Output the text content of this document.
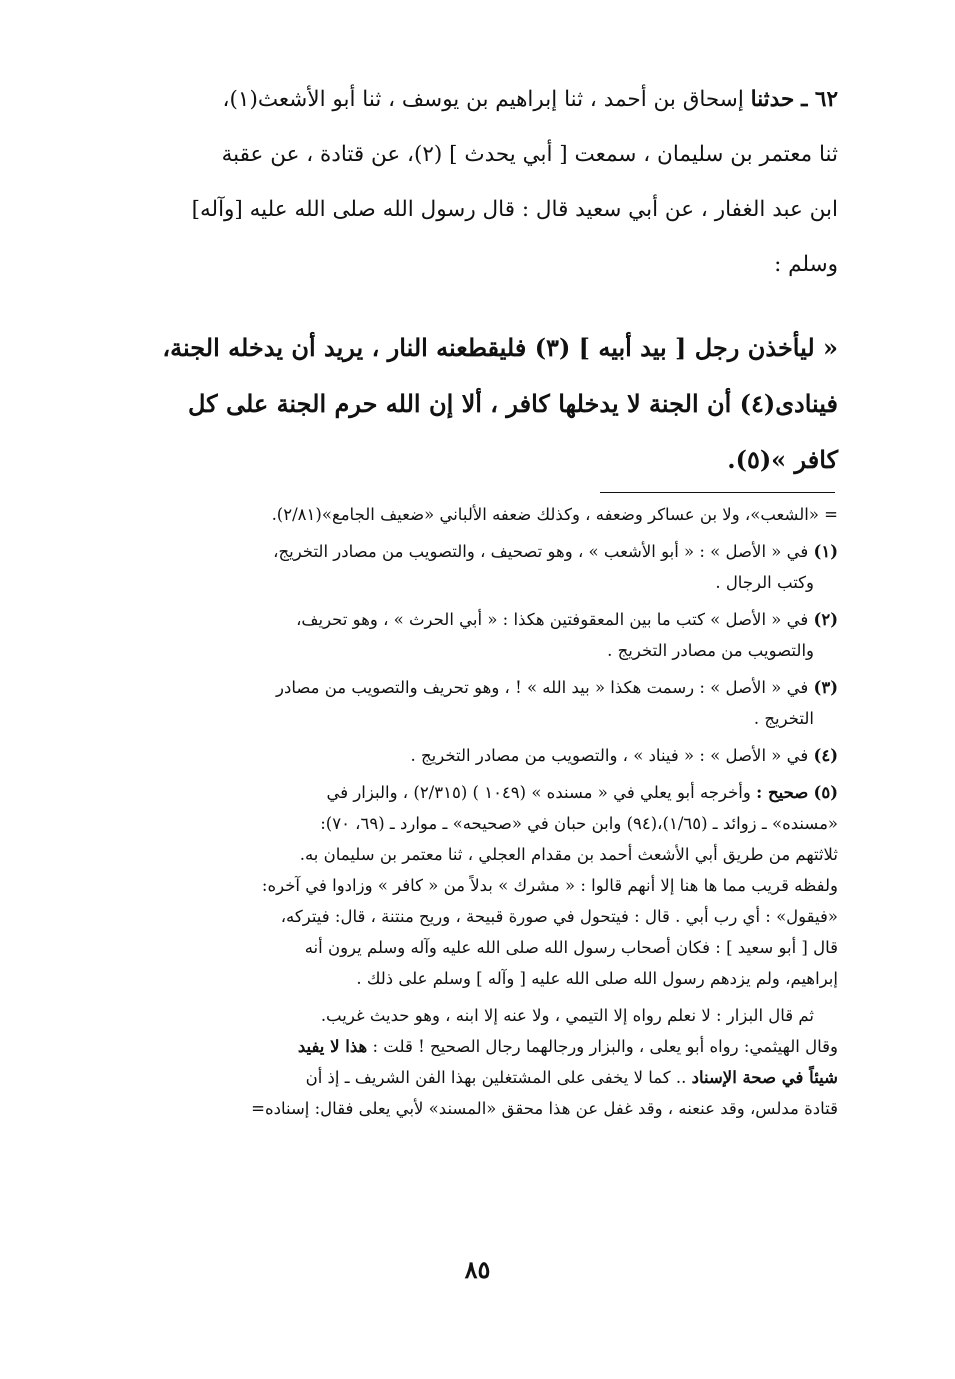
٦٢ ـ حدثنا إسحاق بن أحمد ، ثنا إبراهيم بن يوسف ، ثنا أبو الأشعث(١)،

ثنا معتمر بن سليمان ، سمعت [ أبي يحدث ] (٢)، عن قتادة ، عن عقبة

ابن عبد الغفار ، عن أبي سعيد قال : قال رسول الله صلى الله عليه [وآله]

وسلم :

« ليأخذن رجل [ بيد أبيه ] (٣) فليقطعنه النار ، يريد أن يدخله الجنة،

فينادى(٤) أن الجنة لا يدخلها كافر ، ألا إن الله حرم الجنة على كل

كافر »(٥).

= «الشعب»، ولا بن عساكر وضعفه ، وكذلك ضعفه الألباني «ضعيف الجامع»(٢/٨١).

(١) في « الأصل » : « أبو الأشعب » ، وهو تصحيف ، والتصويب من مصادر التخريج،
وكتب الرجال .

(٢) في « الأصل » كتب ما بين المعقوفتين هكذا : « أبي الحرث » ، وهو تحريف،
والتصويب من مصادر التخريج .

(٣) في « الأصل » : رسمت هكذا « بيد الله » ! ، وهو تحريف والتصويب من مصادر
التخريج .

(٤) في « الأصل » : « فيناد » ، والتصويب من مصادر التخريج .

(٥) صحيح : وأخرجه أبو يعلي في « مسنده » (١٠٤٩ ) (٢/٣١٥) ، والبزار في
«مسنده» ـ زوائد ـ (١/٦٥)،(٩٤) وابن حبان في «صحيحه» ـ موارد ـ (٦٩، ٧٠):
ثلاثتهم من طريق أبي الأشعث أحمد بن مقدام العجلي ، ثنا معتمر بن سليمان به.
ولفظه قريب مما ها هنا إلا أنهم قالوا : « مشرك » بدلاً من « كافر » وزادوا في آخره:
«فيقول» : أي رب أبي . قال : فيتحول في صورة قبيحة ، وريح منتنة ، قال: فيتركه،
قال [ أبو سعيد ] : فكان أصحاب رسول الله صلى الله عليه وآله وسلم يرون أنه
إبراهيم، ولم يزدهم رسول الله صلى الله عليه [ وآله ] وسلم على ذلك .

ثم قال البزار : لا نعلم رواه إلا التيمي ، ولا عنه إلا ابنه ، وهو حديث غريب.
وقال الهيثمي: رواه أبو يعلى ، والبزار ورجالهما رجال الصحيح ! قلت : هذا لا يفيد
شيئاً في صحة الإسناد .. كما لا يخفى على المشتغلين بهذا الفن الشريف ـ إذ أن
قتادة مدلس، وقد عنعنه ، وقد غفل عن هذا محقق «المسند» لأبي يعلى فقال: إسناده=

٨٥
